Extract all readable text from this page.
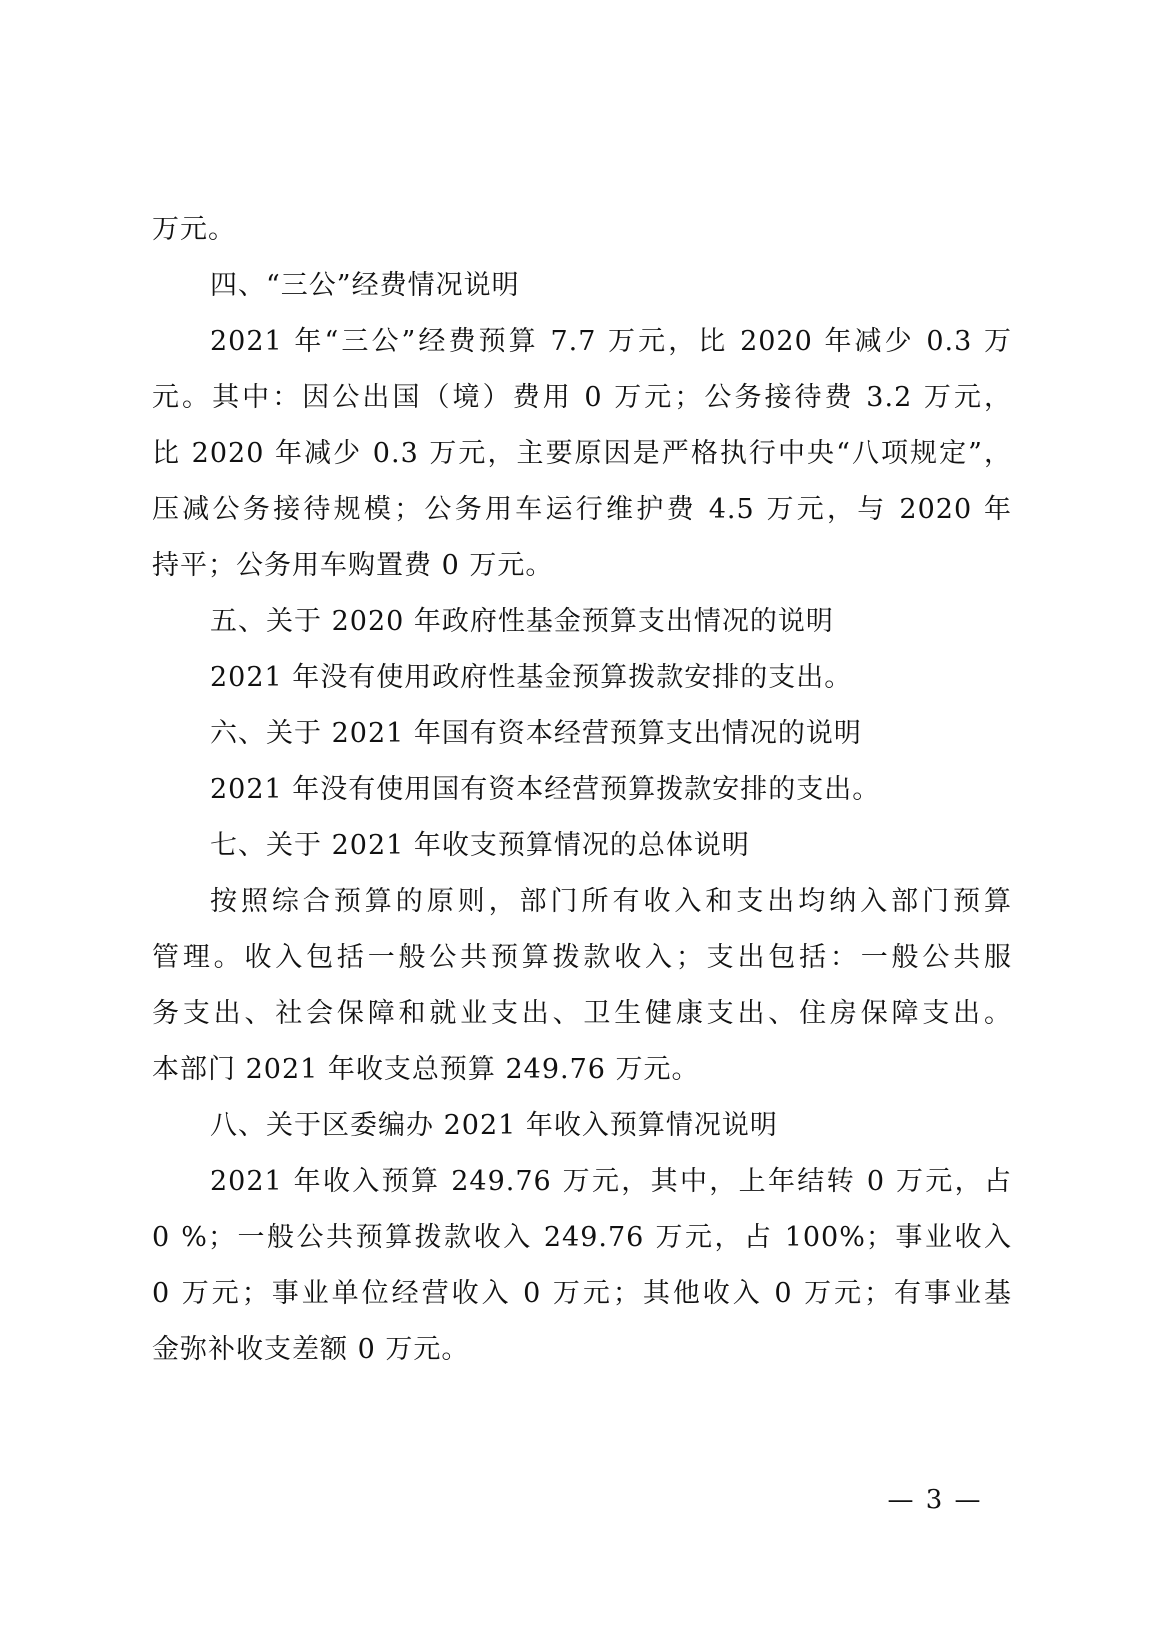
万元。
四、“三公”经费情况说明
2021 年“三公”经费预算 7.7 万元，比 2020 年减少 0.3 万
元。其中：因公出国（境）费用 0 万元；公务接待费 3.2 万元，
比 2020 年减少 0.3 万元，主要原因是严格执行中央“八项规定”，
压减公务接待规模；公务用车运行维护费 4.5 万元，与 2020 年
持平；公务用车购置费 0 万元。
五、关于 2020 年政府性基金预算支出情况的说明
2021 年没有使用政府性基金预算拨款安排的支出。
六、关于 2021 年国有资本经营预算支出情况的说明
2021 年没有使用国有资本经营预算拨款安排的支出。
七、关于 2021 年收支预算情况的总体说明
按照综合预算的原则，部门所有收入和支出均纳入部门预算
管理。收入包括一般公共预算拨款收入；支出包括：一般公共服
务支出、社会保障和就业支出、卫生健康支出、住房保障支出。
本部门 2021 年收支总预算 249.76 万元。
八、关于区委编办 2021 年收入预算情况说明
2021 年收入预算 249.76 万元，其中，上年结转 0 万元，占
0 %；一般公共预算拨款收入 249.76 万元，占 100%；事业收入
0 万元；事业单位经营收入 0 万元；其他收入 0 万元；有事业基
金弥补收支差额 0 万元。
— 3 —
